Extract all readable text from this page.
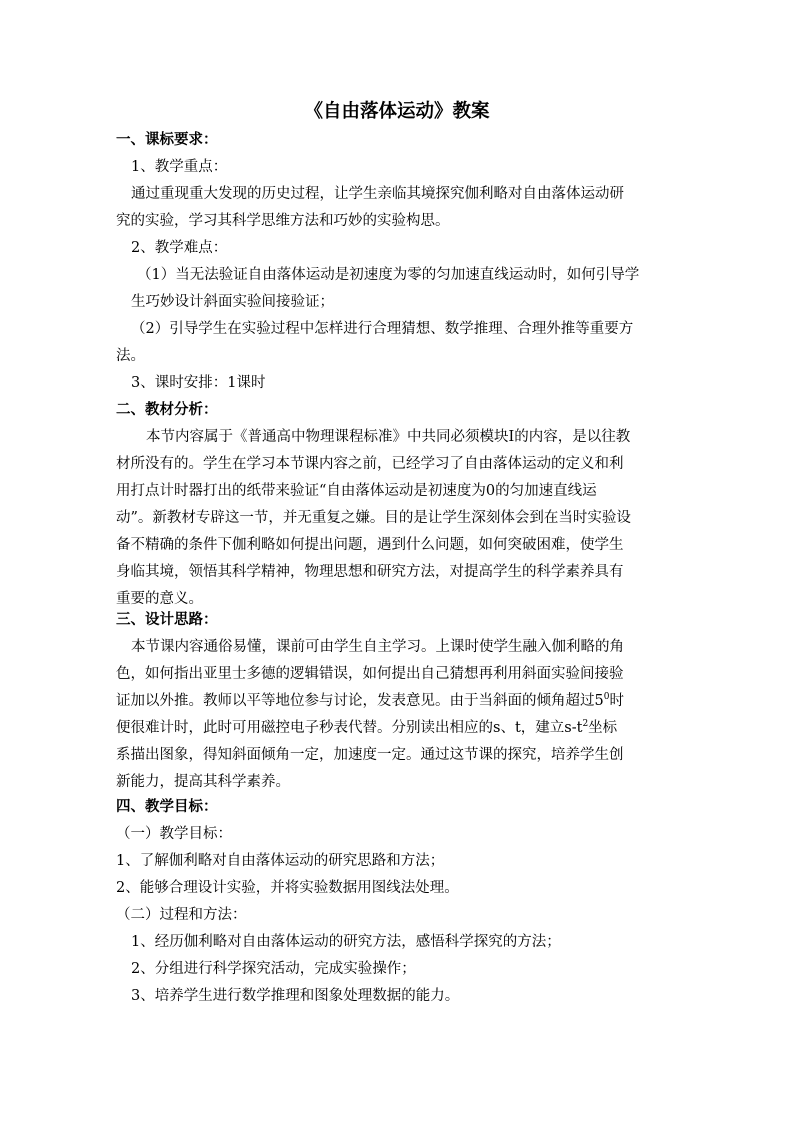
《自由落体运动》教案
一、课标要求：
1、教学重点：
通过重现重大发现的历史过程，让学生亲临其境探究伽利略对自由落体运动研
究的实验，学习其科学思维方法和巧妙的实验构思。
2、教学难点：
（1）当无法验证自由落体运动是初速度为零的匀加速直线运动时，如何引导学
生巧妙设计斜面实验间接验证；
（2）引导学生在实验过程中怎样进行合理猜想、数学推理、合理外推等重要方
法。
3、课时安排：1课时
二、教材分析：
本节内容属于《普通高中物理课程标准》中共同必须模块Ⅰ的内容，是以往教
材所没有的。学生在学习本节课内容之前，已经学习了自由落体运动的定义和利
用打点计时器打出的纸带来验证“自由落体运动是初速度为0的匀加速直线运
动”。新教材专辟这一节，并无重复之嫌。目的是让学生深刻体会到在当时实验设
备不精确的条件下伽利略如何提出问题，遇到什么问题，如何突破困难，使学生
身临其境，领悟其科学精神，物理思想和研究方法，对提高学生的科学素养具有
重要的意义。
三、设计思路：
本节课内容通俗易懂，课前可由学生自主学习。上课时使学生融入伽利略的角
色，如何指出亚里士多德的逻辑错误，如何提出自己猜想再利用斜面实验间接验
证加以外推。教师以平等地位参与讨论，发表意见。由于当斜面的倾角超过$5^0$时
便很难计时，此时可用磁控电子秒表代替。分别读出相应的s、t，建立$s-t^2$坐标
系描出图象，得知斜面倾角一定，加速度一定。通过这节课的探究，培养学生创
新能力，提高其科学素养。
四、教学目标：
（一）教学目标：
1、了解伽利略对自由落体运动的研究思路和方法；
2、能够合理设计实验，并将实验数据用图线法处理。
（二）过程和方法：
1、经历伽利略对自由落体运动的研究方法，感悟科学探究的方法；
2、分组进行科学探究活动，完成实验操作；
3、培养学生进行数学推理和图象处理数据的能力。
